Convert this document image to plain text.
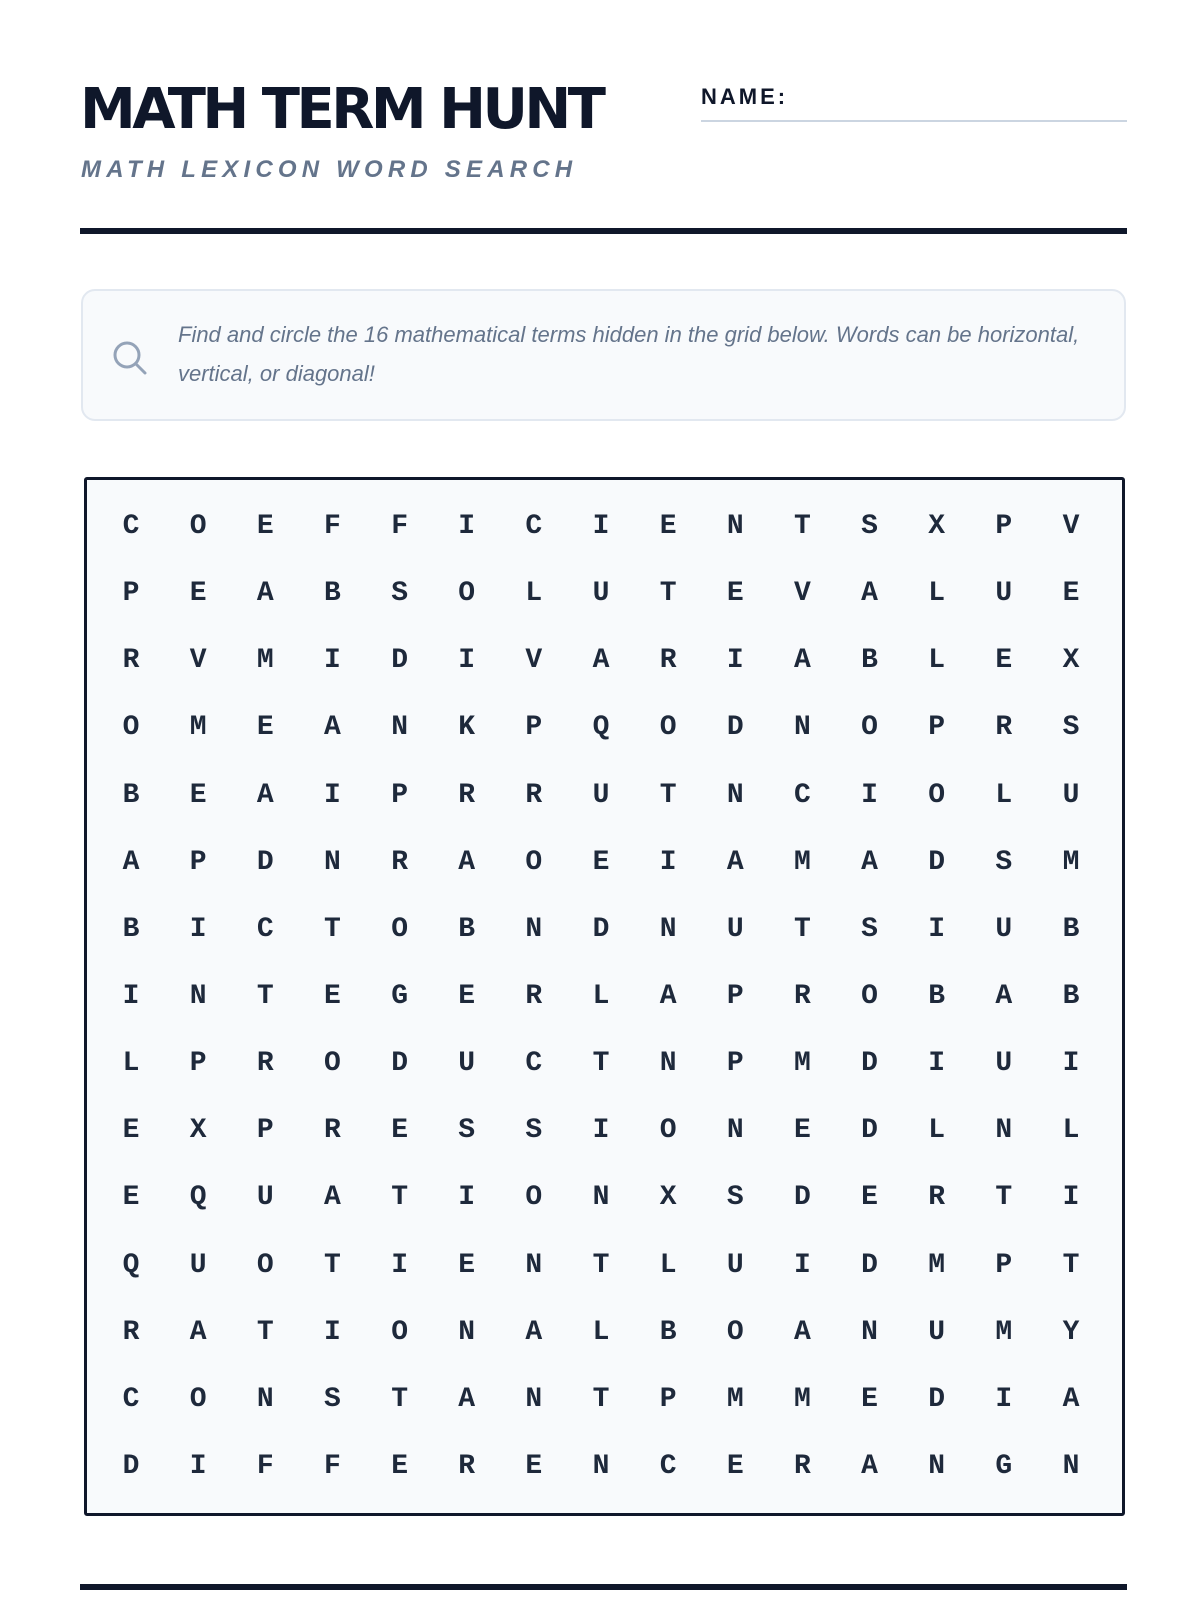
MATH TERM HUNT
MATH LEXICON WORD SEARCH
NAME:

Find and circle the 16 mathematical terms hidden in the grid below. Words can be horizontal, vertical, or diagonal!

C	O	E	F	F	I	C	I	E	N	T	S	X	P	V
P	E	A	B	S	O	L	U	T	E	V	A	L	U	E
R	V	M	I	D	I	V	A	R	I	A	B	L	E	X
O	M	E	A	N	K	P	Q	O	D	N	O	P	R	S
B	E	A	I	P	R	R	U	T	N	C	I	O	L	U
A	P	D	N	R	A	O	E	I	A	M	A	D	S	M
B	I	C	T	O	B	N	D	N	U	T	S	I	U	B
I	N	T	E	G	E	R	L	A	P	R	O	B	A	B
L	P	R	O	D	U	C	T	N	P	M	D	I	U	I
E	X	P	R	E	S	S	I	O	N	E	D	L	N	L
E	Q	U	A	T	I	O	N	X	S	D	E	R	T	I
Q	U	O	T	I	E	N	T	L	U	I	D	M	P	T
R	A	T	I	O	N	A	L	B	O	A	N	U	M	Y
C	O	N	S	T	A	N	T	P	M	M	E	D	I	A
D	I	F	F	E	R	E	N	C	E	R	A	N	G	N
